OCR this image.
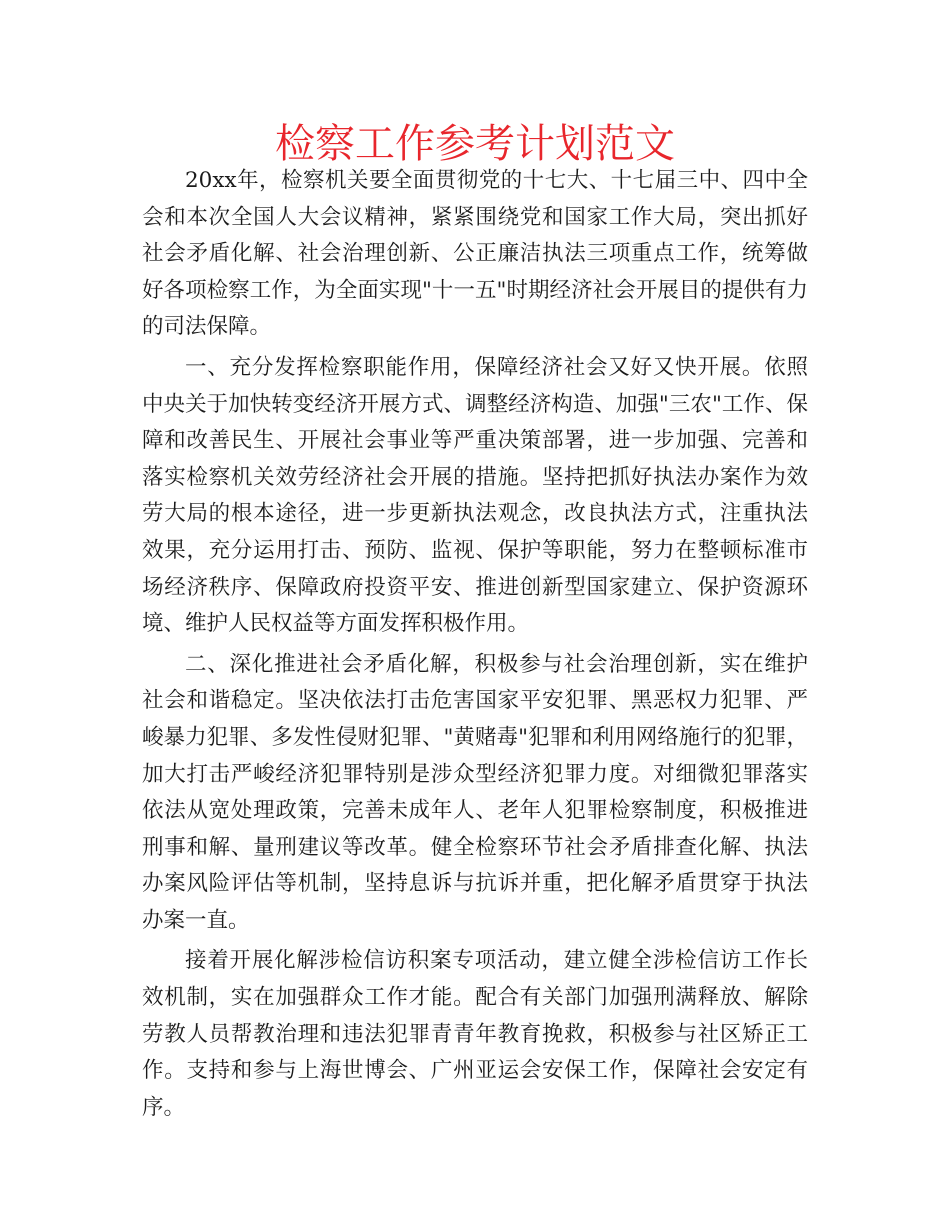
检察工作参考计划范文

20xx年，检察机关要全面贯彻党的十七大、十七届三中、四中全会和本次全国人大会议精神，紧紧围绕党和国家工作大局，突出抓好社会矛盾化解、社会治理创新、公正廉洁执法三项重点工作，统筹做好各项检察工作，为全面实现"十一五"时期经济社会开展目的提供有力的司法保障。

一、充分发挥检察职能作用，保障经济社会又好又快开展。依照中央关于加快转变经济开展方式、调整经济构造、加强"三农"工作、保障和改善民生、开展社会事业等严重决策部署，进一步加强、完善和落实检察机关效劳经济社会开展的措施。坚持把抓好执法办案作为效劳大局的根本途径，进一步更新执法观念，改良执法方式，注重执法效果，充分运用打击、预防、监视、保护等职能，努力在整顿标准市场经济秩序、保障政府投资平安、推进创新型国家建立、保护资源环境、维护人民权益等方面发挥积极作用。

二、深化推进社会矛盾化解，积极参与社会治理创新，实在维护社会和谐稳定。坚决依法打击危害国家平安犯罪、黑恶权力犯罪、严峻暴力犯罪、多发性侵财犯罪、"黄赌毒"犯罪和利用网络施行的犯罪，加大打击严峻经济犯罪特别是涉众型经济犯罪力度。对细微犯罪落实依法从宽处理政策，完善未成年人、老年人犯罪检察制度，积极推进刑事和解、量刑建议等改革。健全检察环节社会矛盾排查化解、执法办案风险评估等机制，坚持息诉与抗诉并重，把化解矛盾贯穿于执法办案一直。

接着开展化解涉检信访积案专项活动，建立健全涉检信访工作长效机制，实在加强群众工作才能。配合有关部门加强刑满释放、解除劳教人员帮教治理和违法犯罪青青年教育挽救，积极参与社区矫正工作。支持和参与上海世博会、广州亚运会安保工作，保障社会安定有序。
